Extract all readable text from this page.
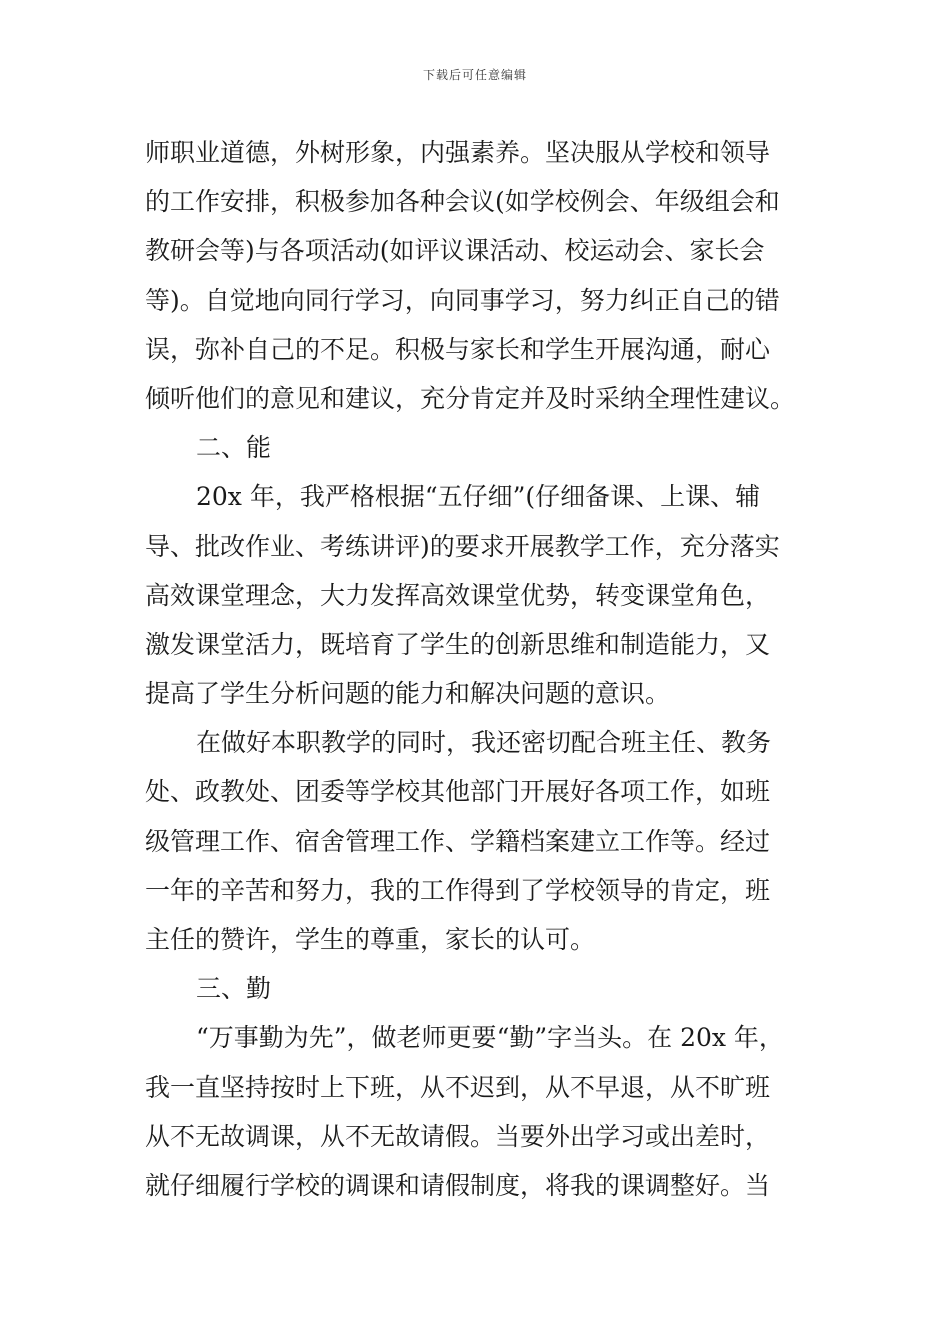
下载后可任意编辑
师职业道德，外树形象，内强素养。坚决服从学校和领导
的工作安排，积极参加各种会议(如学校例会、年级组会和
教研会等)与各项活动(如评议课活动、校运动会、家长会
等)。自觉地向同行学习，向同事学习，努力纠正自己的错
误，弥补自己的不足。积极与家长和学生开展沟通，耐心
倾听他们的意见和建议，充分肯定并及时采纳全理性建议。
二、能
20x 年，我严格根据“五仔细”(仔细备课、上课、辅
导、批改作业、考练讲评)的要求开展教学工作，充分落实
高效课堂理念，大力发挥高效课堂优势，转变课堂角色，
激发课堂活力，既培育了学生的创新思维和制造能力，又
提高了学生分析问题的能力和解决问题的意识。
在做好本职教学的同时，我还密切配合班主任、教务
处、政教处、团委等学校其他部门开展好各项工作，如班
级管理工作、宿舍管理工作、学籍档案建立工作等。经过
一年的辛苦和努力，我的工作得到了学校领导的肯定，班
主任的赞许，学生的尊重，家长的认可。
三、勤
“万事勤为先”，做老师更要“勤”字当头。在 20x 年，
我一直坚持按时上下班，从不迟到，从不早退，从不旷班
从不无故调课，从不无故请假。当要外出学习或出差时，
就仔细履行学校的调课和请假制度，将我的课调整好。当
